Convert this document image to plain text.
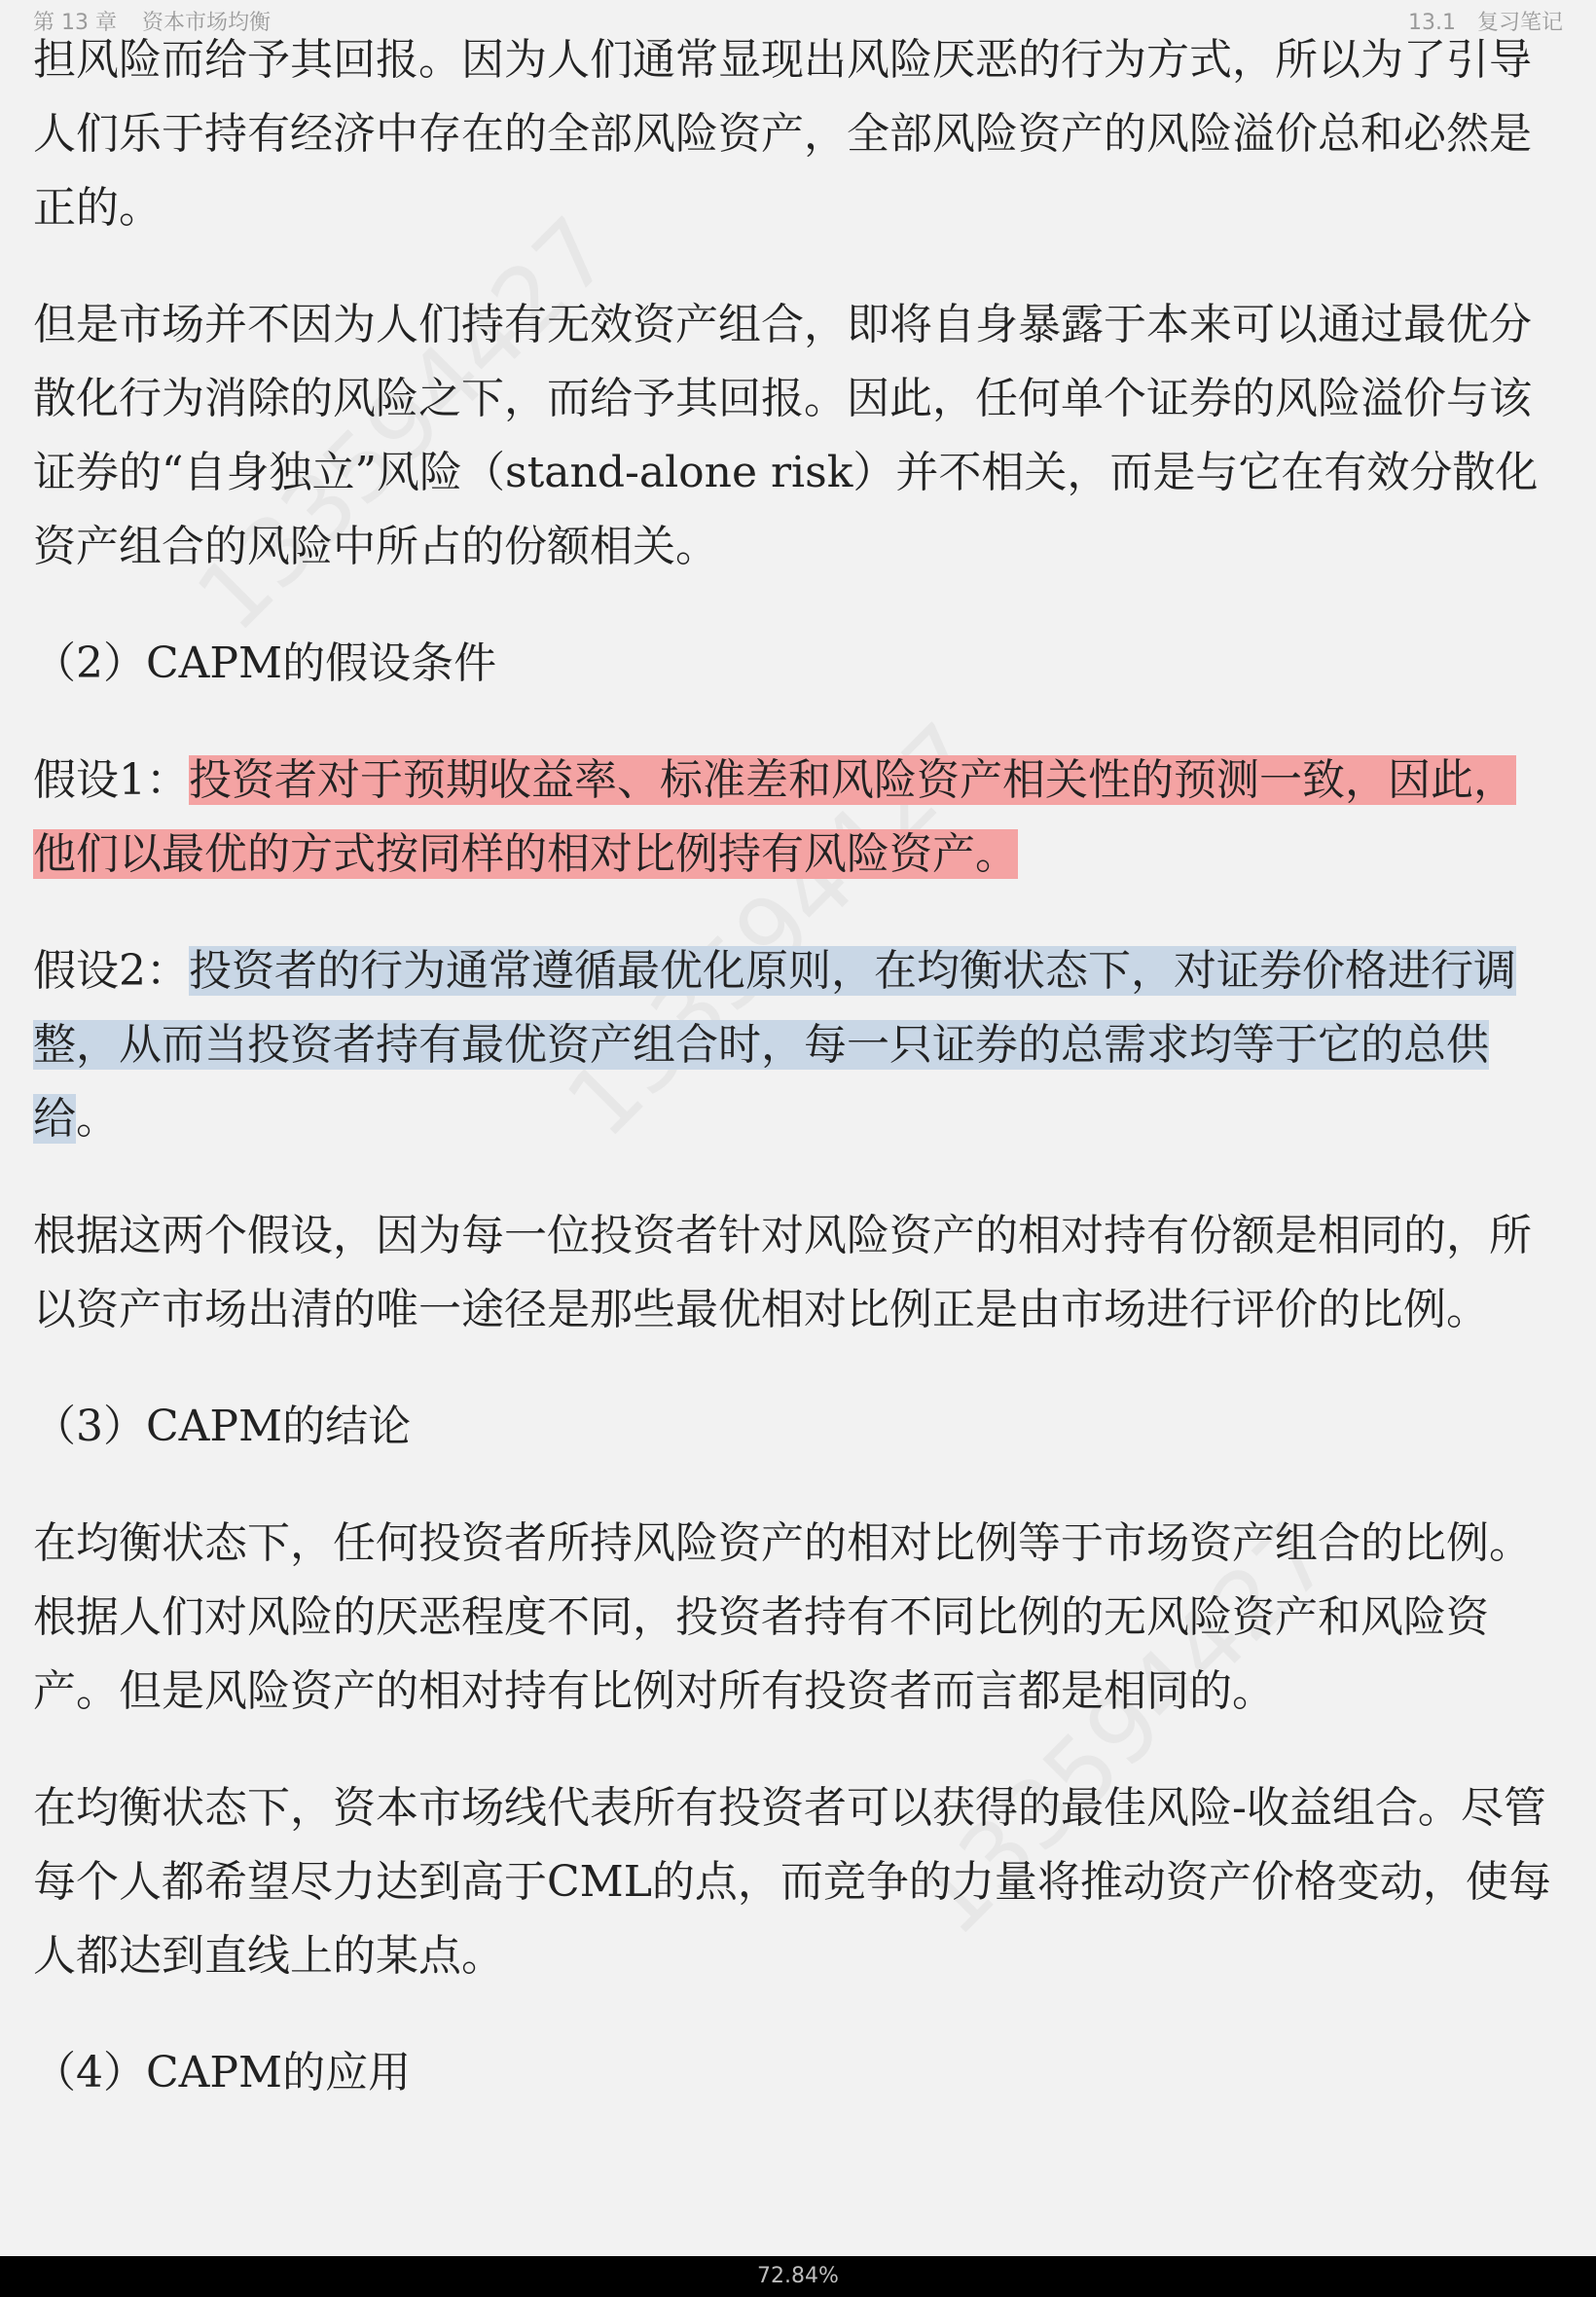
第 13 章 资本市场均衡	13.1 复习笔记

担风险而给予其回报。因为人们通常显现出风险厌恶的行为方式，所以为了引导人们乐于持有经济中存在的全部风险资产，全部风险资产的风险溢价总和必然是正的。

但是市场并不因为人们持有无效资产组合，即将自身暴露于本来可以通过最优分散化行为消除的风险之下，而给予其回报。因此，任何单个证券的风险溢价与该证券的“自身独立”风险（stand-alone risk）并不相关，而是与它在有效分散化资产组合的风险中所占的份额相关。

（2）CAPM的假设条件

假设1：投资者对于预期收益率、标准差和风险资产相关性的预测一致，因此，他们以最优的方式按同样的相对比例持有风险资产。

假设2：投资者的行为通常遵循最优化原则，在均衡状态下，对证券价格进行调整，从而当投资者持有最优资产组合时，每一只证券的总需求均等于它的总供给。

根据这两个假设，因为每一位投资者针对风险资产的相对持有份额是相同的，所以资产市场出清的唯一途径是那些最优相对比例正是由市场进行评价的比例。

（3）CAPM的结论

在均衡状态下，任何投资者所持风险资产的相对比例等于市场资产组合的比例。根据人们对风险的厌恶程度不同，投资者持有不同比例的无风险资产和风险资产。但是风险资产的相对持有比例对所有投资者而言都是相同的。

在均衡状态下，资本市场线代表所有投资者可以获得的最佳风险-收益组合。尽管每个人都希望尽力达到高于CML的点，而竞争的力量将推动资产价格变动，使每人都达到直线上的某点。

（4）CAPM的应用

72.84%
